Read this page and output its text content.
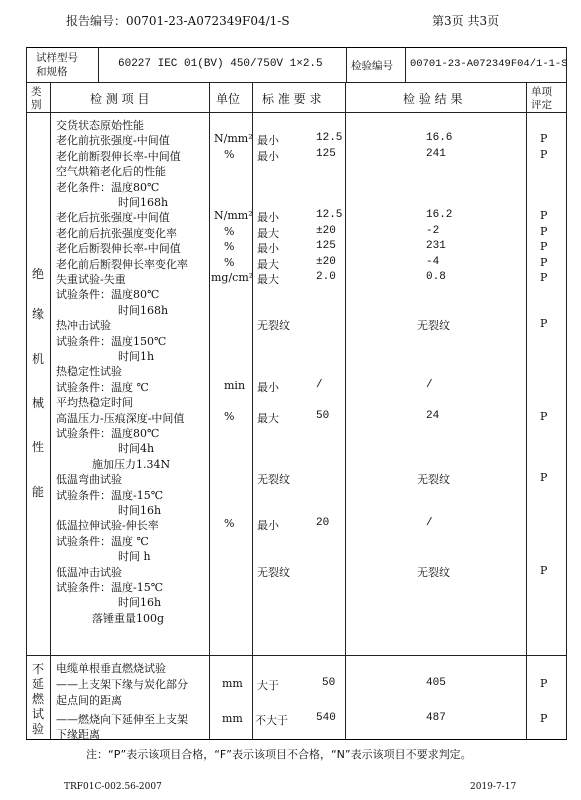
报告编号：00701-23-A072349F04/1-S	第3页 共3页
试样型号
和规格
60227 IEC 01(BV) 450/750V 1×2.5	检验编号 00701-23-A072349F04/1-1-S
类
别	检 测 项 目	单位 标 准 要 求	检 验 结 果	单项
评定
绝
缘
机
械
性
能
不
延
燃
试
验
交货状态原始性能
老化前抗张强度-中间值	N/mm² 最小	12.5	16.6	P
老化前断裂伸长率-中间值	% 最小	125	241	P
空气烘箱老化后的性能
老化条件：温度80℃
时间168h
老化后抗张强度-中间值	N/mm² 最小	12.5	16.2	P
老化前后抗张强度变化率	% 最大	±20	-2	P
老化后断裂伸长率-中间值	% 最小	125	231	P
老化前后断裂伸长率变化率	% 最大	±20	-4	P
失重试验-失重	mg/cm² 最大	2.0	0.8	P
试验条件：温度80℃
时间168h
热冲击试验	无裂纹	无裂纹	P
试验条件：温度150℃
时间1h
热稳定性试验
试验条件：温度 ℃	min 最小	/	/
平均热稳定时间
高温压力-压痕深度-中间值	% 最大	50	24	P
试验条件：温度80℃
时间4h
施加压力1.34N
低温弯曲试验	无裂纹	无裂纹	P
试验条件：温度-15℃
时间16h
低温拉伸试验-伸长率	% 最小	20	/
试验条件：温度 ℃
时间 h
低温冲击试验	无裂纹	无裂纹	P
试验条件：温度-15℃
时间16h
落锤重量100g
电缆单根垂直燃烧试验
——上支架下缘与炭化部分
起点间的距离
mm 大于	50	405	P
——燃烧向下延伸至上支架
下缘距离
mm 不大于	540	487	P
注：“P”表示该项目合格，“F”表示该项目不合格，“N”表示该项目不要求判定。
TRF01C-002.56-2007	2019-7-17
